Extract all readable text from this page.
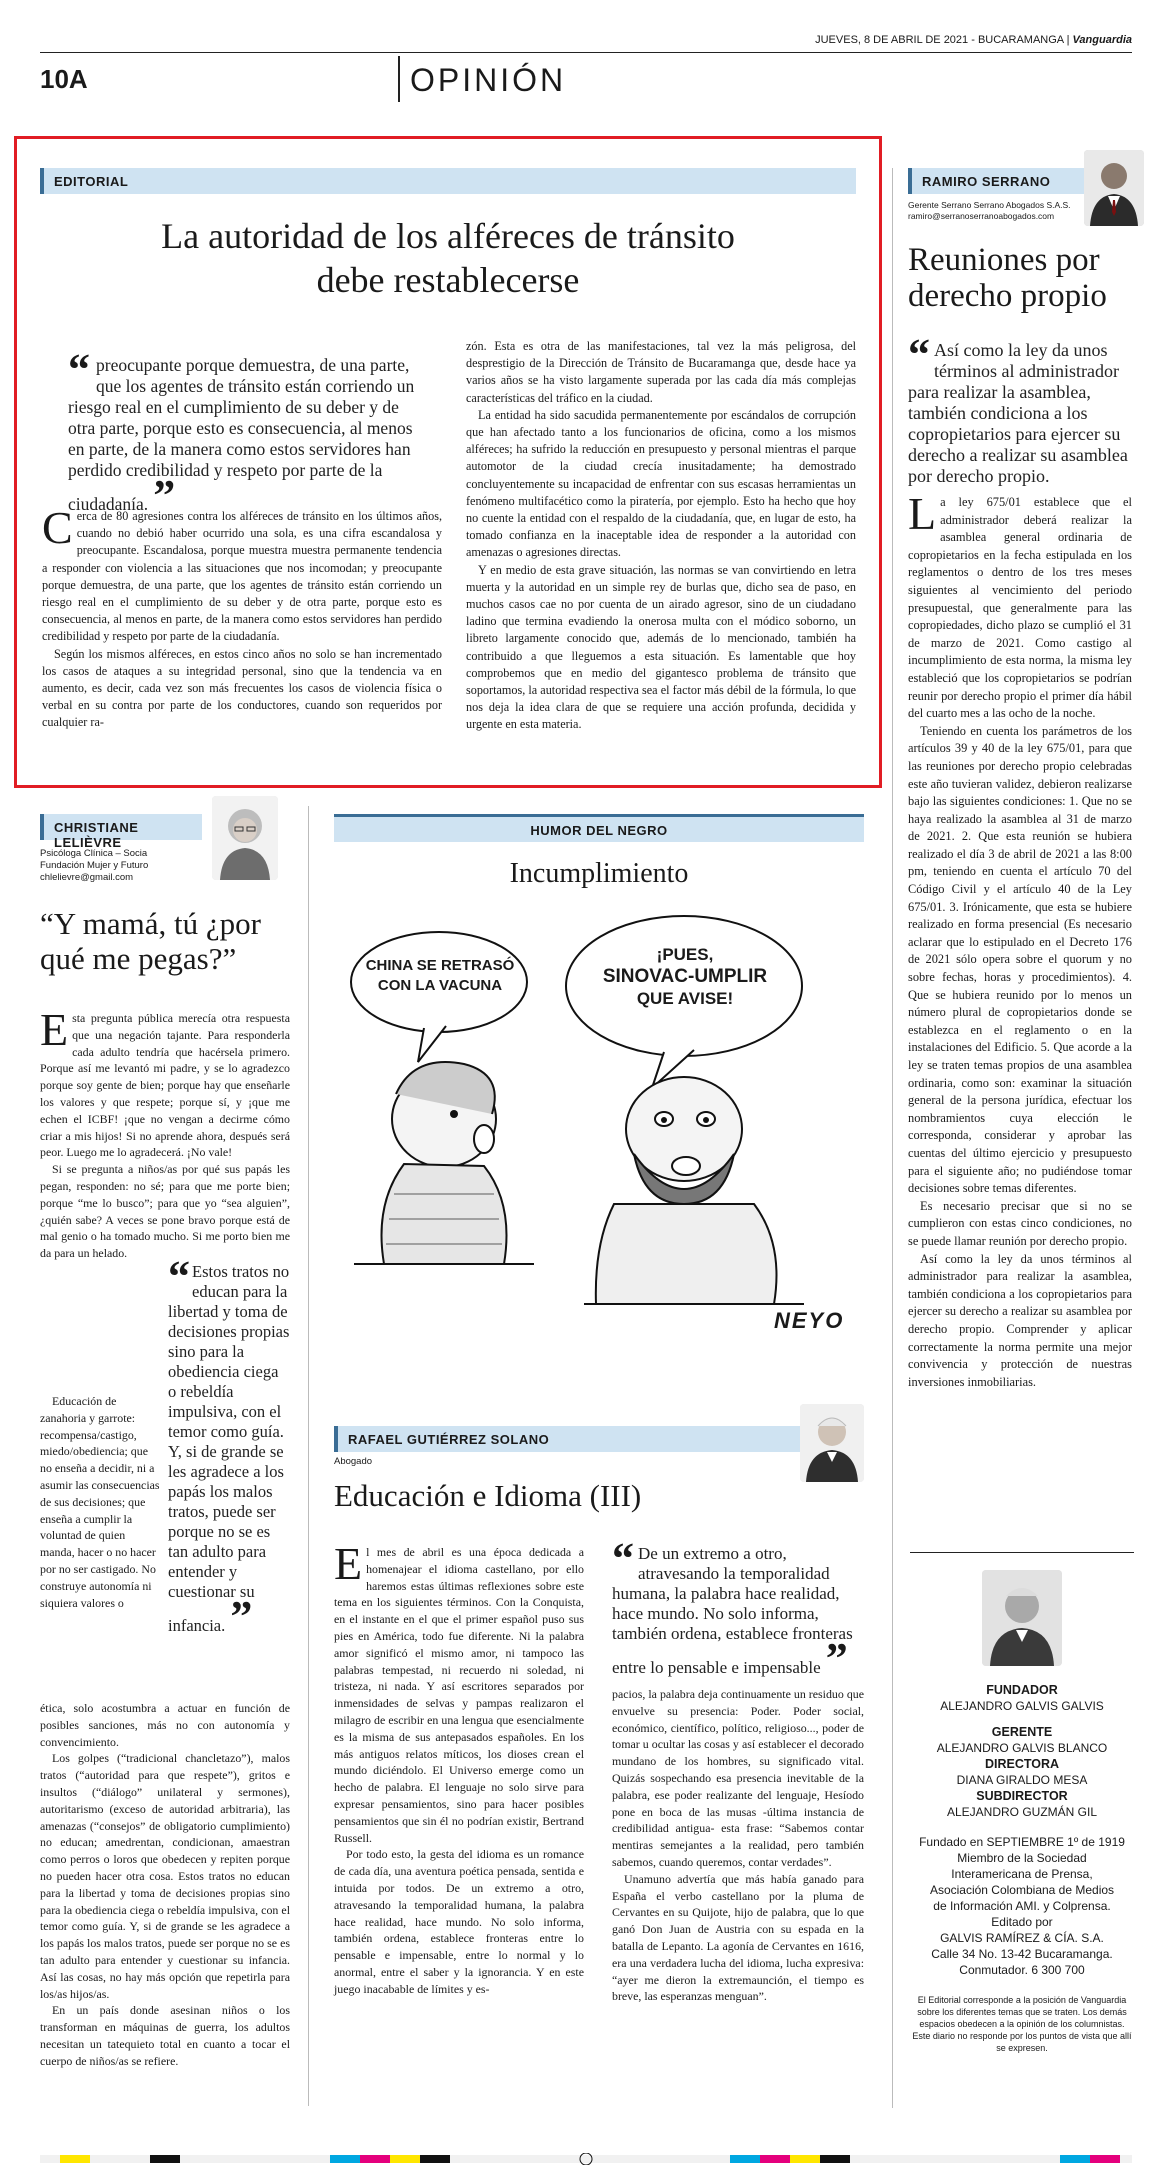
JUEVES, 8 DE ABRIL DE 2021 - BUCARAMANGA | Vanguardia
10A	OPINIÓN
EDITORIAL
La autoridad de los alféreces de tránsito
debe restablecerse
“ preocupante porque demuestra, de una parte, que los agentes de tránsito están corriendo un riesgo real en el cumplimiento de su deber y de otra parte, porque esto es consecuencia, al menos en parte, de la manera como estos servidores han perdido credibilidad y respeto por parte de la ciudadanía. ”

Cerca de 80 agresiones contra los alféreces de tránsito en los últimos años, cuando no debió haber ocurrido una sola, es una cifra escandalosa y preocupante. Escandalosa, porque muestra muestra permanente tendencia a responder con violencia a las situaciones que nos incomodan; y preocupante porque demuestra, de una parte, que los agentes de tránsito están corriendo un riesgo real en el cumplimiento de su deber y de otra parte, porque esto es consecuencia, al menos en parte, de la manera como estos servidores han perdido credibilidad y respeto por parte de la ciudadanía.

Según los mismos alféreces, en estos cinco años no solo se han incrementado los casos de ataques a su integridad personal, sino que la tendencia va en aumento, es decir, cada vez son más frecuentes los casos de violencia física o verbal en su contra por parte de los conductores, cuando son requeridos por cualquier ra-

zón. Esta es otra de las manifestaciones, tal vez la más peligrosa, del desprestigio de la Dirección de Tránsito de Bucaramanga que, desde hace ya varios años se ha visto largamente superada por las cada día más complejas características del tráfico en la ciudad.

La entidad ha sido sacudida permanentemente por escándalos de corrupción que han afectado tanto a los funcionarios de oficina, como a los mismos alféreces; ha sufrido la reducción en presupuesto y personal mientras el parque automotor de la ciudad crecía inusitadamente; ha demostrado concluyentemente su incapacidad de enfrentar con sus escasas herramientas un fenómeno multifacético como la piratería, por ejemplo. Esto ha hecho que hoy no cuente la entidad con el respaldo de la ciudadanía, que, en lugar de esto, ha tomado confianza en la inaceptable idea de responder a la autoridad con amenazas o agresiones directas.

Y en medio de esta grave situación, las normas se van convirtiendo en letra muerta y la autoridad en un simple rey de burlas que, dicho sea de paso, en muchos casos cae no por cuenta de un airado agresor, sino de un ciudadano ladino que termina evadiendo la onerosa multa con el módico soborno, un libreto largamente conocido que, además de lo mencionado, también ha contribuido a que lleguemos a esta situación. Es lamentable que hoy comprobemos que en medio del gigantesco problema de tránsito que soportamos, la autoridad respectiva sea el factor más débil de la fórmula, lo que nos deja la idea clara de que se requiere una acción profunda, decidida y urgente en esta materia.

RAMIRO SERRANO
Gerente Serrano Serrano Abogados S.A.S.
ramiro@serranoserranoabogados.com
Reuniones por derecho propio
“ Así como la ley da unos términos al administrador para realizar la asamblea, también condiciona a los copropietarios para ejercer su derecho a realizar su asamblea por derecho propio.

La ley 675/01 establece que el administrador deberá realizar la asamblea general ordinaria de copropietarios en la fecha estipulada en los reglamentos o dentro de los tres meses siguientes al vencimiento del periodo presupuestal, que generalmente para las copropiedades, dicho plazo se cumplió el 31 de marzo de 2021. Como castigo al incumplimiento de esta norma, la misma ley estableció que los copropietarios se podrían reunir por derecho propio el primer día hábil del cuarto mes a las ocho de la noche.

Teniendo en cuenta los parámetros de los artículos 39 y 40 de la ley 675/01, para que las reuniones por derecho propio celebradas este año tuvieran validez, debieron realizarse bajo las siguientes condiciones: 1. Que no se haya realizado la asamblea al 31 de marzo de 2021. 2. Que esta reunión se hubiera realizado el día 3 de abril de 2021 a las 8:00 pm, teniendo en cuenta el artículo 70 del Código Civil y el artículo 40 de la Ley 675/01. 3. Irónicamente, que esta se hubiere realizado en forma presencial (Es necesario aclarar que lo estipulado en el Decreto 176 de 2021 sólo opera sobre el quorum y no sobre fechas, horas y procedimientos). 4. Que se hubiera reunido por lo menos un número plural de copropietarios donde se establezca en el reglamento o en la instalaciones del Edificio. 5. Que acorde a la ley se traten temas propios de una asamblea ordinaria, como son: examinar la situación general de la persona jurídica, efectuar los nombramientos cuya elección le corresponda, considerar y aprobar las cuentas del último ejercicio y presupuesto para el siguiente año; no pudiéndose tomar decisiones sobre temas diferentes.

Es necesario precisar que si no se cumplieron con estas cinco condiciones, no se puede llamar reunión por derecho propio.

Así como la ley da unos términos al administrador para realizar la asamblea, también condiciona a los copropietarios para ejercer su derecho a realizar su asamblea por derecho propio. Comprender y aplicar correctamente la norma permite una mejor convivencia y protección de nuestras inversiones inmobiliarias.

CHRISTIANE LELIÈVRE
Psicóloga Clínica – Socia
Fundación Mujer y Futuro
chlelievre@gmail.com
“Y mamá, tú ¿por qué me pegas?”

Esta pregunta pública merecía otra respuesta que una negación tajante. Para responderla cada adulto tendría que hacérsela primero. Porque así me levantó mi padre, y se lo agradezco porque soy gente de bien; porque hay que enseñarle los valores y que respete; porque sí, y ¡que me echen el ICBF! ¡que no vengan a decirme cómo criar a mis hijos! Si no aprende ahora, después será peor. Luego me lo agradecerá. ¡No vale!

Si se pregunta a niños/as por qué sus papás les pegan, responden: no sé; para que me porte bien; porque “me lo busco”; para que yo “sea alguien”, ¿quién sabe? A veces se pone bravo porque está de mal genio o ha tomado mucho. Si me porto bien me da para un helado.

Educación de zanahoria y garrote: recompensa/castigo, miedo/obediencia; que no enseña a decidir, ni a asumir las consecuencias de sus decisiones; que enseña a cumplir la voluntad de quien manda, hacer o no hacer por no ser castigado. No construye autonomía ni siquiera valores o

“ Estos tratos no educan para la libertad y toma de decisiones propias sino para la obediencia ciega o rebeldía impulsiva, con el temor como guía. Y, si de grande se les agradece a los papás los malos tratos, puede ser porque no se es tan adulto para entender y cuestionar su infancia. ”

ética, solo acostumbra a actuar en función de posibles sanciones, más no con autonomía y convencimiento.

Los golpes (“tradicional chancletazo”), malos tratos (“autoridad para que respete”), gritos e insultos (“diálogo” unilateral y sermones), autoritarismo (exceso de autoridad arbitraria), las amenazas (“consejos” de obligatorio cumplimiento) no educan; amedrentan, condicionan, amaestran como perros o loros que obedecen y repiten porque no pueden hacer otra cosa. Estos tratos no educan para la libertad y toma de decisiones propias sino para la obediencia ciega o rebeldía impulsiva, con el temor como guía. Y, si de grande se les agradece a los papás los malos tratos, puede ser porque no se es tan adulto para entender y cuestionar su infancia. Así las cosas, no hay más opción que repetirla para los/as hijos/as.

En un país donde asesinan niños o los transforman en máquinas de guerra, los adultos necesitan un tatequieto total en cuanto a tocar el cuerpo de niños/as se refiere.

HUMOR DEL NEGRO
Incumplimiento
CHINA SE RETRASÓ
CON LA VACUNA
¡PUES,
SINOVAC-UMPLIR
QUE AVISE!
NEYO
RAFAEL GUTIÉRREZ SOLANO
Abogado
Educación e Idioma (III)

El mes de abril es una época dedicada a homenajear el idioma castellano, por ello haremos estas últimas reflexiones sobre este tema en los siguientes términos. Con la Conquista, en el instante en el que el primer español puso sus pies en América, todo fue diferente. Ni la palabra amor significó el mismo amor, ni tampoco las palabras tempestad, ni recuerdo ni soledad, ni tristeza, ni nada. Y así escritores separados por inmensidades de selvas y pampas realizaron el milagro de escribir en una lengua que esencialmente es la misma de sus antepasados españoles. En los más antiguos relatos míticos, los dioses crean el mundo diciéndolo. El Universo emerge como un hecho de palabra. El lenguaje no solo sirve para expresar pensamientos, sino para hacer posibles pensamientos que sin él no podrían existir, Bertrand Russell.

Por todo esto, la gesta del idioma es un romance de cada día, una aventura poética pensada, sentida e intuida por todos. De un extremo a otro, atravesando la temporalidad humana, la palabra hace realidad, hace mundo. No solo informa, también ordena, establece fronteras entre lo pensable e impensable, entre lo normal y lo anormal, entre el saber y la ignorancia. Y en este juego inacabable de límites y es-

“ De un extremo a otro, atravesando la temporalidad humana, la palabra hace realidad, hace mundo. No solo informa, también ordena, establece fronteras entre lo pensable e impensable ”

pacios, la palabra deja continuamente un residuo que envuelve su presencia: Poder. Poder social, económico, científico, político, religioso..., poder de tomar u ocultar las cosas y así establecer el decorado mundano de los hombres, su significado vital. Quizás sospechando esa presencia inevitable de la palabra, ese poder realizante del lenguaje, Hesíodo pone en boca de las musas -última instancia de credibilidad antigua- esta frase: “Sabemos contar mentiras semejantes a la realidad, pero también sabemos, cuando queremos, contar verdades”.

Unamuno advertía que más había ganado para España el verbo castellano por la pluma de Cervantes en su Quijote, hijo de palabra, que lo que ganó Don Juan de Austria con su espada en la batalla de Lepanto. La agonía de Cervantes en 1616, era una verdadera lucha del idioma, lucha expresiva: “ayer me dieron la extremaunción, el tiempo es breve, las esperanzas menguan”.

FUNDADOR
ALEJANDRO GALVIS GALVIS
GERENTE
ALEJANDRO GALVIS BLANCO
DIRECTORA
DIANA GIRALDO MESA
SUBDIRECTOR
ALEJANDRO GUZMÁN GIL
Fundado en SEPTIEMBRE 1º de 1919
Miembro de la Sociedad
Interamericana de Prensa,
Asociación Colombiana de Medios
de Información AMI. y Colprensa.
Editado por
GALVIS RAMÍREZ & CÍA. S.A.
Calle 34 No. 13-42 Bucaramanga.
Conmutador. 6 300 700
El Editorial corresponde a la posición de Vanguardia sobre los diferentes temas que se traten. Los demás espacios obedecen a la opinión de los columnistas. Este diario no responde por los puntos de vista que allí se expresen.
